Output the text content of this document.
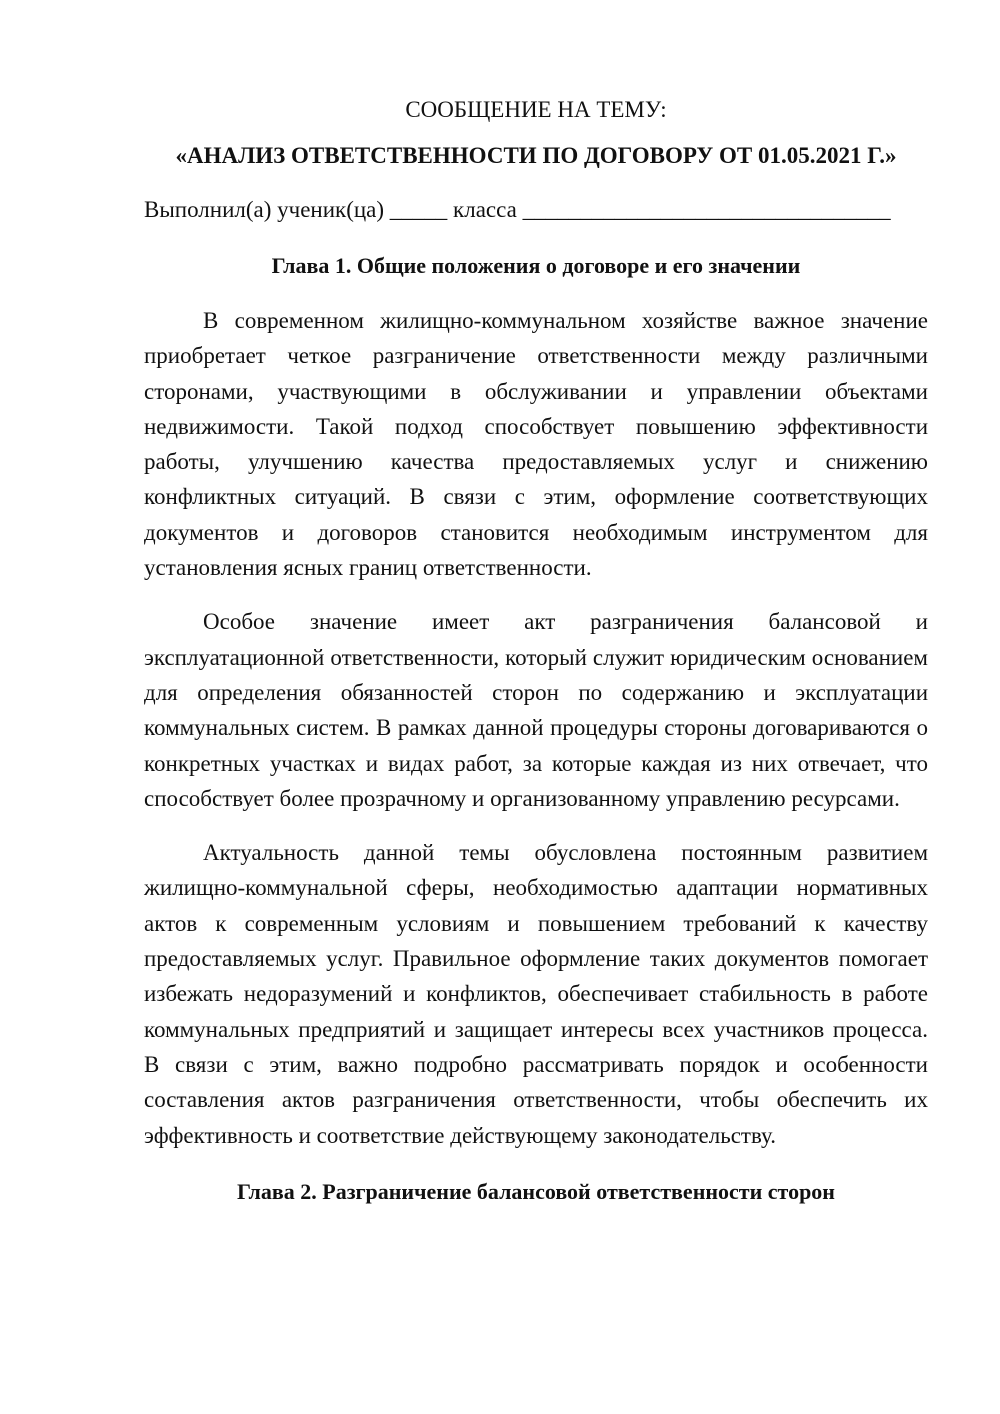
СООБЩЕНИЕ НА ТЕМУ:

«АНАЛИЗ ОТВЕТСТВЕННОСТИ ПО ДОГОВОРУ ОТ 01.05.2021 Г.»

Выполнил(а) ученик(ца) _____ класса ________________________________
Глава 1. Общие положения о договоре и его значении

В современном жилищно-коммунальном хозяйстве важное значение приобретает четкое разграничение ответственности между различными сторонами, участвующими в обслуживании и управлении объектами недвижимости. Такой подход способствует повышению эффективности работы, улучшению качества предоставляемых услуг и снижению конфликтных ситуаций. В связи с этим, оформление соответствующих документов и договоров становится необходимым инструментом для установления ясных границ ответственности.

Особое значение имеет акт разграничения балансовой и эксплуатационной ответственности, который служит юридическим основанием для определения обязанностей сторон по содержанию и эксплуатации коммунальных систем. В рамках данной процедуры стороны договариваются о конкретных участках и видах работ, за которые каждая из них отвечает, что способствует более прозрачному и организованному управлению ресурсами.

Актуальность данной темы обусловлена постоянным развитием жилищно-коммунальной сферы, необходимостью адаптации нормативных актов к современным условиям и повышением требований к качеству предоставляемых услуг. Правильное оформление таких документов помогает избежать недоразумений и конфликтов, обеспечивает стабильность в работе коммунальных предприятий и защищает интересы всех участников процесса. В связи с этим, важно подробно рассматривать порядок и особенности составления актов разграничения ответственности, чтобы обеспечить их эффективность и соответствие действующему законодательству.

Глава 2. Разграничение балансовой ответственности сторон
